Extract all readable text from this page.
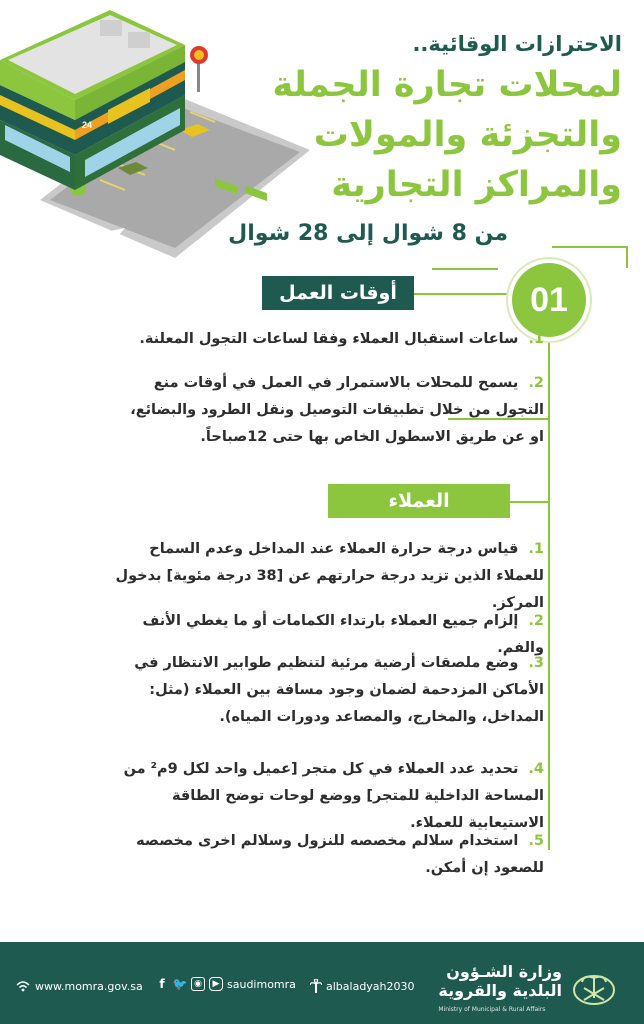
24
الاحترازات الوقائية..
لمحلات تجارة الجملة
والتجزئة والمولات
والمراكز التجارية
من 8 شوال إلى 28 شوال
01
أوقات العمل
1.ساعات استقبال العملاء وفقا لساعات التجول المعلنة.
2.يسمح للمحلات بالاستمرار في العمل في أوقات منع التجول من خلال تطبيقات التوصيل ونقل الطرود والبضائع، او عن طريق الاسطول الخاص بها حتى 12صباحاً.
العملاء
1.قياس درجة حرارة العملاء عند المداخل وعدم السماح للعملاء الذين تزيد درجة حرارتهم عن [38 درجة مئوية] بدخول المركز.
2.إلزام جميع العملاء بارتداء الكمامات أو ما يغطي الأنف والفم.
3.وضع ملصقات أرضية مرئية لتنظيم طوابير الانتظار في الأماكن المزدحمة لضمان وجود مسافة بين العملاء (مثل: المداخل، والمخارج، والمصاعد ودورات المياه).
4.تحديد عدد العملاء في كل متجر [عميل واحد لكل 9م² من المساحة الداخلية للمتجر] ووضع لوحات توضح الطاقة الاستيعابية للعملاء.
5.استخدام سلالم مخصصه للنزول وسلالم اخرى مخصصه للصعود إن أمكن.
www.momra.gov.sa	f 🐦 ◉	▶ saudimomra	albaladyah2030
وزارة الشـؤون
البلدية والقروية
Ministry of Municipal & Rural Affairs
